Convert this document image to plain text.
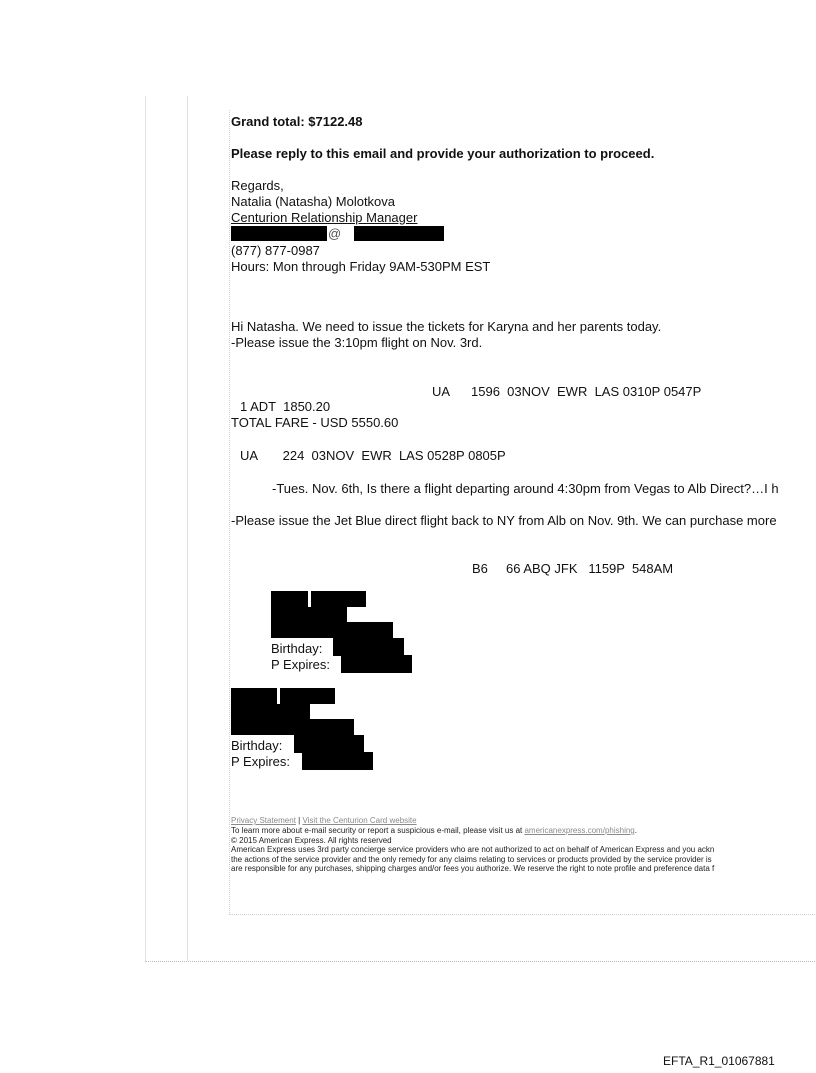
Grand total: $7122.48
Please reply to this email and provide your authorization to proceed.
Regards,
Natalia (Natasha) Molotkova
Centurion Relationship Manager
@
(877) 877-0987
Hours: Mon through Friday 9AM-530PM EST
Hi Natasha. We need to issue the tickets for Karyna and her parents today.
-Please issue the 3:10pm flight on Nov. 3rd.
UA      1596  03NOV  EWR  LAS 0310P 0547P
1 ADT  1850.20
TOTAL FARE - USD 5550.60
UA       224  03NOV  EWR  LAS 0528P 0805P
-Tues. Nov. 6th, Is there a flight departing around 4:30pm from Vegas to Alb Direct?…I h
-Please issue the Jet Blue direct flight back to NY from Alb on Nov. 9th. We can purchase more
B6     66 ABQ JFK   1159P  548AM
Birthday:
P Expires:
Birthday:
P Expires:
Privacy Statement | Visit the Centurion Card website
To learn more about e-mail security or report a suspicious e-mail, please visit us at americanexpress.com/phishing.
© 2015 American Express. All rights reserved
American Express uses 3rd party concierge service providers who are not authorized to act on behalf of American Express and you ackn
the actions of the service provider and the only remedy for any claims relating to services or products provided by the service provider is
are responsible for any purchases, shipping charges and/or fees you authorize. We reserve the right to note profile and preference data f
EFTA_R1_01067881
